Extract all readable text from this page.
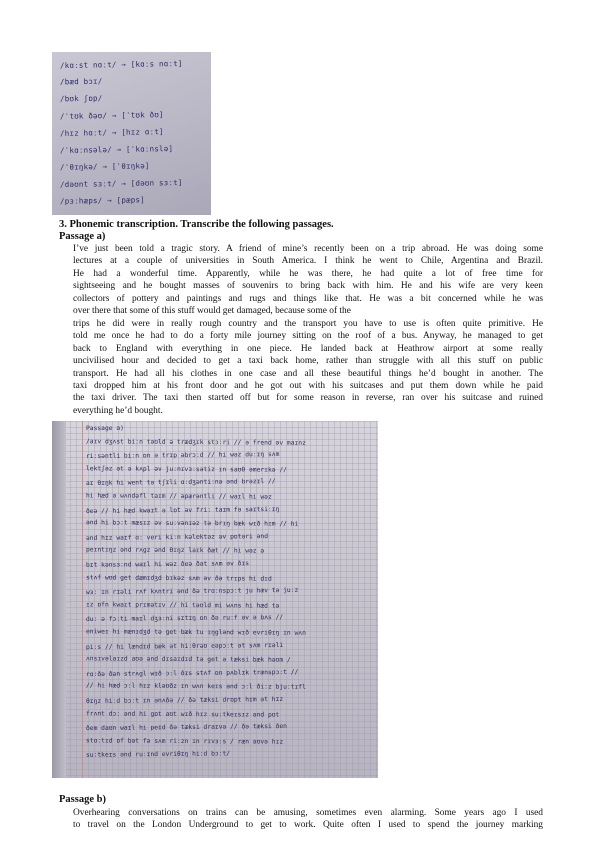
/kɑːst nɑːt/ → [kɑːs nɑːt]
/bæd bɔɪ/
/bʊk ʃɒp/
/ˈtʊk ðəʊ/ → [ˈtʊk ðʊ]
/hɪz hɑːt/ → [hɪz ɑːt]
/ˈkɑːnsələ/ → [ˈkɑːnslə]
/ˈθɪŋkə/ → [ˈθɪŋkə]
/dəʊnt sɜːt/ → [dəʊn sɜːt]
/pɜːhæps/ → [pæps]
3. Phonemic transcription. Transcribe the following passages.
Passage a)
I’ve just been told a tragic story. A friend of mine’s recently been on a trip abroad. He was doing some
lectures at a couple of universities in South America. I think he went to Chile, Argentina and Brazil.
He had a wonderful time. Apparently, while he was there, he had quite a lot of free time for
sightseeing and he bought masses of souvenirs to bring back with him. He and his wife are very keen
collectors of pottery and paintings and rugs and things like that. He was a bit concerned while he was
over there that some of this stuff would get damaged, because some of the
trips he did were in really rough country and the transport you have to use is often quite primitive. He
told me once he had to do a forty mile journey sitting on the roof of a bus. Anyway, he managed to get
back to England with everything in one piece. He landed back at Heathrow airport at some really
uncivilised hour and decided to get a taxi back home, rather than struggle with all this stuff on public
transport. He had all his clothes in one case and all these beautiful things he’d bought in another. The
taxi dropped him at his front door and he got out with his suitcases and put them down while he paid
the taxi driver. The taxi then started off but for some reason in reverse, ran over his suitcase and ruined
everything he’d bought.
Passage a)
/aɪv dʒʌst biːn təʊld ə trædʒɪk stɔːri // ə frend əv maɪnz
riːsəntli biːn ɒn ə trɪp əbrɔːd // hi wəz duːɪŋ sʌm
lektʃəz ət ə kʌpl əv juːnɪvɜːsətiz ɪn saʊθ əmerɪkə //
aɪ θɪŋk hi went tə tʃɪli ɑːdʒəntiːnə ənd brəzɪl //
hi hæd ə wʌndəfl taɪm // əpærəntli // waɪl hi wəz
ðeə // hi hæd kwaɪt ə lɒt əv friː taɪm fə saɪtsiːɪŋ
ənd hi bɔːt mæsɪz əv suːvənɪəz tə brɪŋ bæk wɪð hɪm // hi
ənd hɪz waɪf ɑː veri kiːn kəlektəz əv pɒtəri ənd
peɪntɪŋz ənd rʌgz ənd θɪŋz laɪk ðæt // hi wəz ə
bɪt kənsɜːnd waɪl hi wəz ðeə ðət sʌm əv ðɪs
stʌf wʊd get dæmɪdʒd bɪkəz sʌm əv ðə trɪps hi dɪd
wɜː ɪn rɪəli rʌf kʌntri ənd ðə trɑːnspɔːt ju hæv tə juːz
ɪz ɒfn kwaɪt prɪmətɪv // hi təʊld mi wʌns hi hæd tə
duː ə fɔːti maɪl dʒɜːni sɪtɪŋ ɒn ðə ruːf əv ə bʌs //
eniweɪ hi mænɪdʒd tə get bæk tu ɪŋglənd wɪð evriθɪŋ ɪn wʌn
piːs // hi lændɪd bæk ət hiːθrəʊ eəpɔːt ət sʌm rɪəli
ʌnsɪvəlaɪzd aʊə ənd dɪsaɪdɪd tə get ə tæksi bæk həʊm /
rɑːðə ðən strʌgl wɪð ɔːl ðɪs stʌf ɒn pʌblɪk trænspɔːt //
// hi hæd ɔːl hɪz kləʊðz ɪn wʌn keɪs ənd ɔːl ðiːz bjuːtɪfl
θɪŋz hiːd bɔːt ɪn ənʌðə // ðə tæksi drɒpt hɪm ət hɪz
frʌnt dɔː ənd hi gɒt aʊt wɪð hɪz suːtkeɪsɪz ənd pʊt
ðem daʊn waɪl hi peɪd ðə tæksi draɪvə // ðə tæksi ðen
stɑːtɪd ɒf bət fə sʌm riːzn ɪn rɪvɜːs / ræn əʊvə hɪz
suːtkeɪs ənd ruːɪnd evriθɪŋ hiːd bɔːt/
Passage b)
Overhearing conversations on trains can be amusing, sometimes even alarming. Some years ago I used
to travel on the London Underground to get to work. Quite often I used to spend the journey marking
